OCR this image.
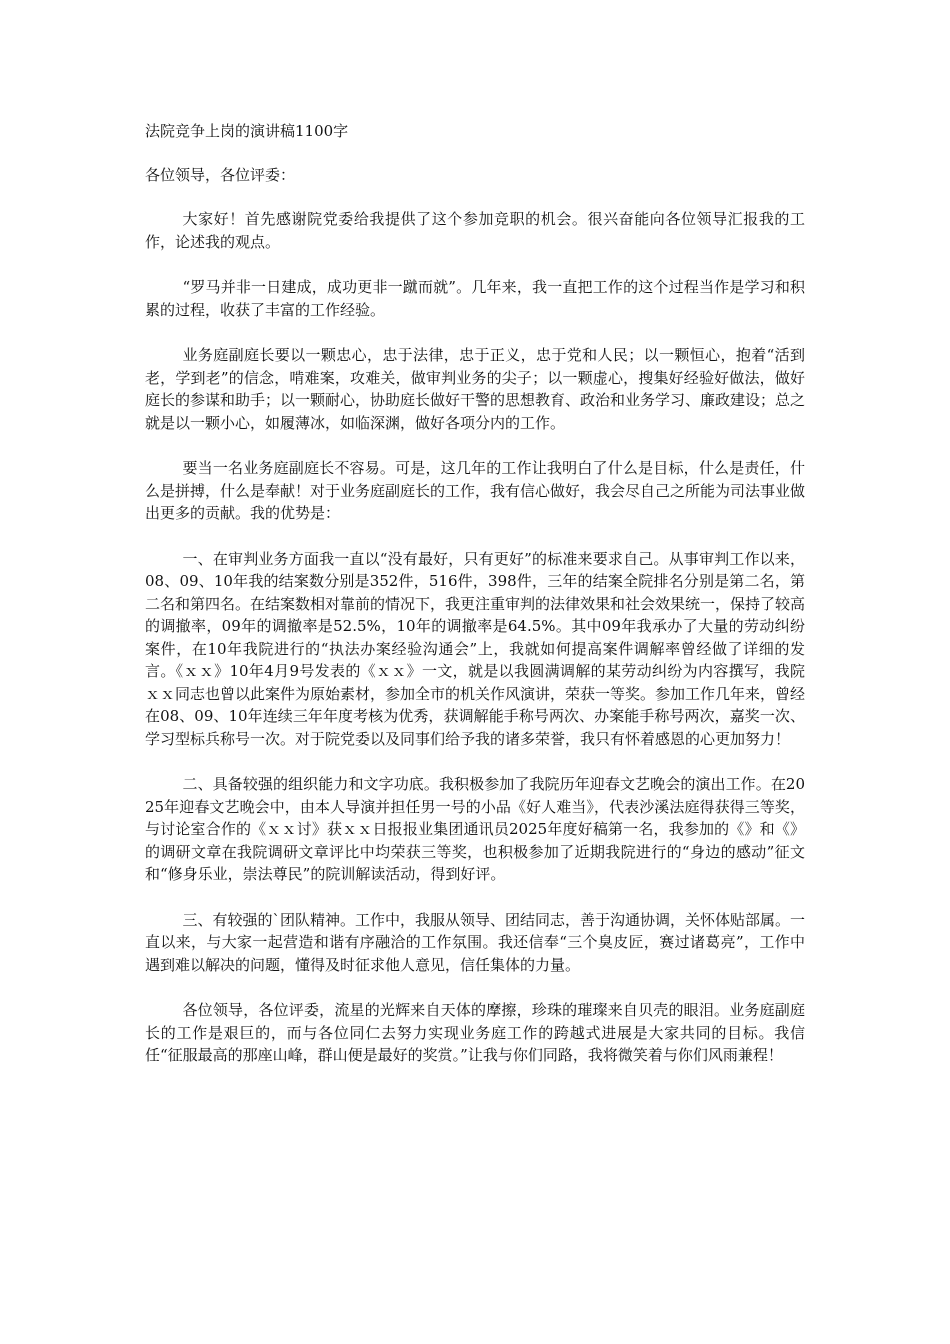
法院竞争上岗的演讲稿1100字
各位领导，各位评委：

大家好！首先感谢院党委给我提供了这个参加竞职的机会。很兴奋能向各位领导汇报我的工作，论述我的观点。

“罗马并非一日建成，成功更非一蹴而就”。几年来，我一直把工作的这个过程当作是学习和积累的过程，收获了丰富的工作经验。

业务庭副庭长要以一颗忠心，忠于法律，忠于正义，忠于党和人民；以一颗恒心，抱着“活到老，学到老”的信念，啃难案，攻难关，做审判业务的尖子；以一颗虚心，搜集好经验好做法，做好庭长的参谋和助手；以一颗耐心，协助庭长做好干警的思想教育、政治和业务学习、廉政建设；总之就是以一颗小心，如履薄冰，如临深渊，做好各项分内的工作。

要当一名业务庭副庭长不容易。可是，这几年的工作让我明白了什么是目标，什么是责任，什么是拼搏，什么是奉献！对于业务庭副庭长的工作，我有信心做好，我会尽自己之所能为司法事业做出更多的贡献。我的优势是：

一、在审判业务方面我一直以“没有最好，只有更好”的标准来要求自己。从事审判工作以来，08、09、10年我的结案数分别是352件，516件，398件，三年的结案全院排名分别是第二名，第二名和第四名。在结案数相对靠前的情况下，我更注重审判的法律效果和社会效果统一，保持了较高的调撤率，09年的调撤率是52.5%，10年的调撤率是64.5%。其中09年我承办了大量的劳动纠纷案件，在10年我院进行的“执法办案经验沟通会”上，我就如何提高案件调解率曾经做了详细的发言。《ｘｘ》10年4月9号发表的《ｘｘ》一文，就是以我圆满调解的某劳动纠纷为内容撰写，我院ｘｘ同志也曾以此案件为原始素材，参加全市的机关作风演讲，荣获一等奖。参加工作几年来，曾经在08、09、10年连续三年年度考核为优秀，获调解能手称号两次、办案能手称号两次，嘉奖一次、学习型标兵称号一次。对于院党委以及同事们给予我的诸多荣誉，我只有怀着感恩的心更加努力！

二、具备较强的组织能力和文字功底。我积极参加了我院历年迎春文艺晚会的演出工作。在2025年迎春文艺晚会中，由本人导演并担任男一号的小品《好人难当》，代表沙溪法庭得获得三等奖，与讨论室合作的《ｘｘ讨》获ｘｘ日报报业集团通讯员2025年度好稿第一名，我参加的《》和《》的调研文章在我院调研文章评比中均荣获三等奖，也积极参加了近期我院进行的“身边的感动”征文和“修身乐业，崇法尊民”的院训解读活动，得到好评。

三、有较强的`团队精神。工作中，我服从领导、团结同志，善于沟通协调，关怀体贴部属。一直以来，与大家一起营造和谐有序融洽的工作氛围。我还信奉“三个臭皮匠，赛过诸葛亮”，工作中遇到难以解决的问题，懂得及时征求他人意见，信任集体的力量。

各位领导，各位评委，流星的光辉来自天体的摩擦，珍珠的璀璨来自贝壳的眼泪。业务庭副庭长的工作是艰巨的，而与各位同仁去努力实现业务庭工作的跨越式进展是大家共同的目标。我信任“征服最高的那座山峰，群山便是最好的奖赏。”让我与你们同路，我将微笑着与你们风雨兼程！
